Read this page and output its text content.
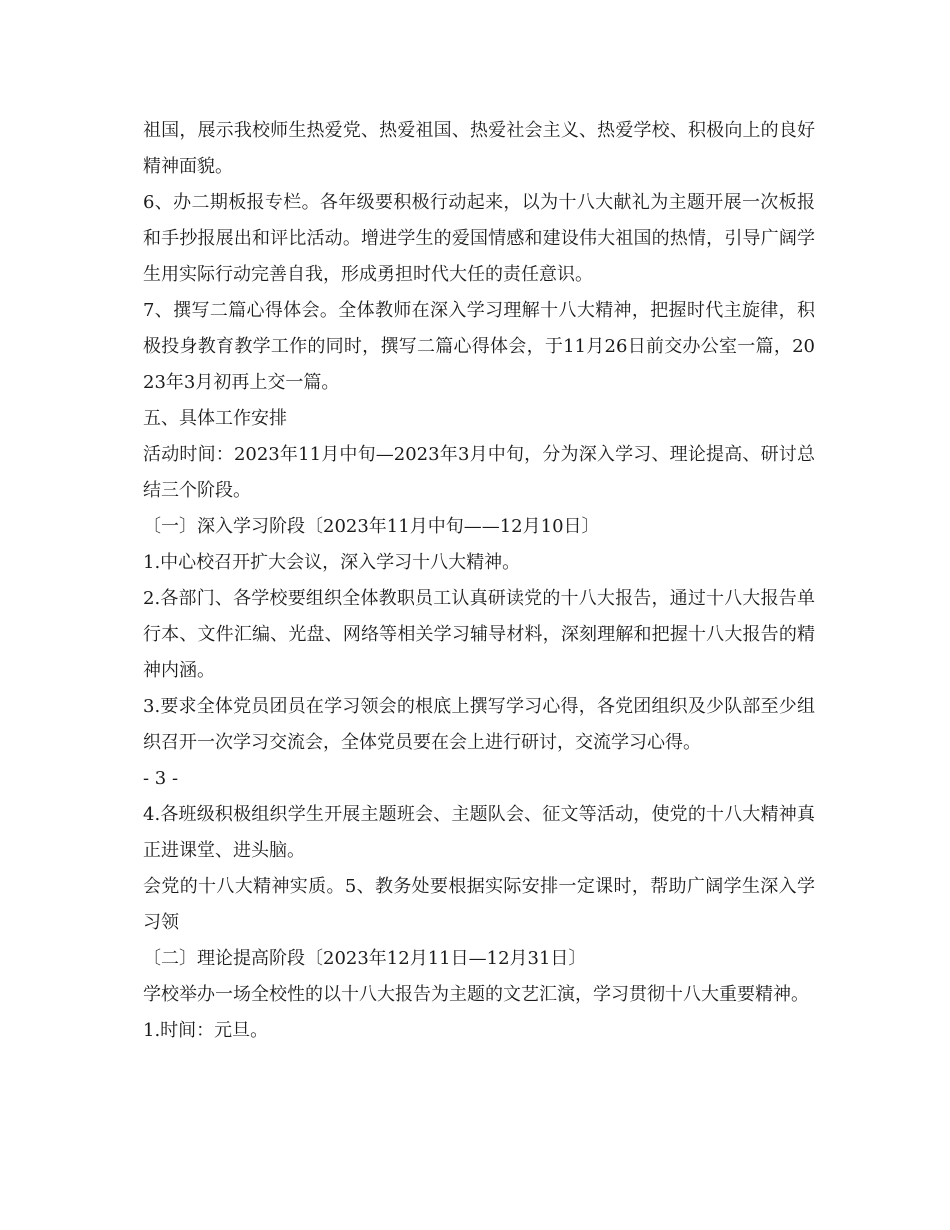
祖国，展示我校师生热爱党、热爱祖国、热爱社会主义、热爱学校、积极向上的良好精神面貌。

6、办二期板报专栏。各年级要积极行动起来，以为十八大献礼为主题开展一次板报和手抄报展出和评比活动。增进学生的爱国情感和建设伟大祖国的热情，引导广阔学生用实际行动完善自我，形成勇担时代大任的责任意识。

7、撰写二篇心得体会。全体教师在深入学习理解十八大精神，把握时代主旋律，积极投身教育教学工作的同时，撰写二篇心得体会，于11月26日前交办公室一篇，2023年3月初再上交一篇。

五、具体工作安排

活动时间：2023年11月中旬—2023年3月中旬，分为深入学习、理论提高、研讨总结三个阶段。

〔一〕深入学习阶段〔2023年11月中旬——12月10日〕

1.中心校召开扩大会议，深入学习十八大精神。

2.各部门、各学校要组织全体教职员工认真研读党的十八大报告，通过十八大报告单行本、文件汇编、光盘、网络等相关学习辅导材料，深刻理解和把握十八大报告的精神内涵。

3.要求全体党员团员在学习领会的根底上撰写学习心得，各党团组织及少队部至少组织召开一次学习交流会，全体党员要在会上进行研讨，交流学习心得。

- 3 -

4.各班级积极组织学生开展主题班会、主题队会、征文等活动，使党的十八大精神真正进课堂、进头脑。

会党的十八大精神实质。5、教务处要根据实际安排一定课时，帮助广阔学生深入学习领

〔二〕理论提高阶段〔2023年12月11日—12月31日〕

学校举办一场全校性的以十八大报告为主题的文艺汇演，学习贯彻十八大重要精神。

1.时间：元旦。
